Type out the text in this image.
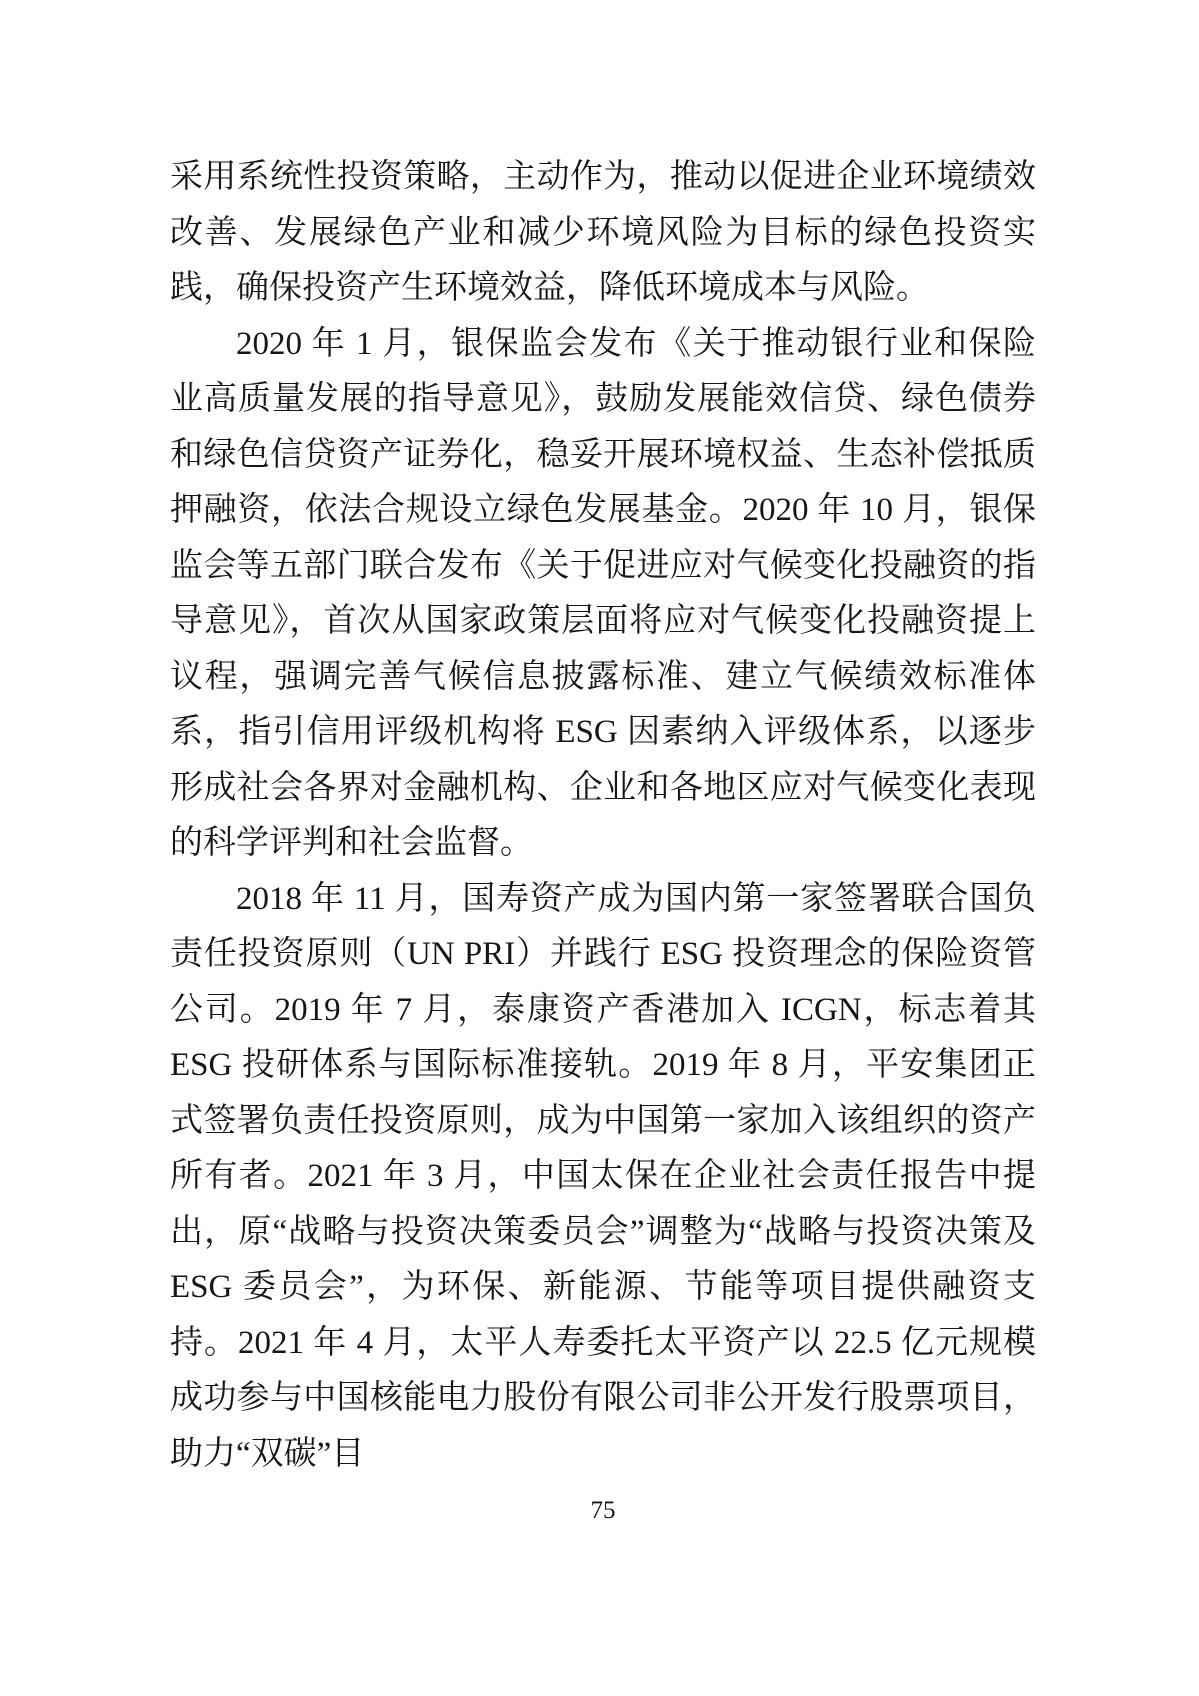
采用系统性投资策略，主动作为，推动以促进企业环境绩效改善、发展绿色产业和减少环境风险为目标的绿色投资实践，确保投资产生环境效益，降低环境成本与风险。

2020 年 1 月，银保监会发布《关于推动银行业和保险业高质量发展的指导意见》，鼓励发展能效信贷、绿色债券和绿色信贷资产证券化，稳妥开展环境权益、生态补偿抵质押融资，依法合规设立绿色发展基金。2020 年 10 月，银保监会等五部门联合发布《关于促进应对气候变化投融资的指导意见》，首次从国家政策层面将应对气候变化投融资提上议程，强调完善气候信息披露标准、建立气候绩效标准体系，指引信用评级机构将 ESG 因素纳入评级体系，以逐步形成社会各界对金融机构、企业和各地区应对气候变化表现的科学评判和社会监督。

2018 年 11 月，国寿资产成为国内第一家签署联合国负责任投资原则（UN PRI）并践行 ESG 投资理念的保险资管公司。2019 年 7 月，泰康资产香港加入 ICGN，标志着其 ESG 投研体系与国际标准接轨。2019 年 8 月，平安集团正式签署负责任投资原则，成为中国第一家加入该组织的资产所有者。2021 年 3 月，中国太保在企业社会责任报告中提出，原“战略与投资决策委员会”调整为“战略与投资决策及 ESG 委员会”，为环保、新能源、节能等项目提供融资支持。2021 年 4 月，太平人寿委托太平资产以 22.5 亿元规模成功参与中国核能电力股份有限公司非公开发行股票项目，助力“双碳”目

75
